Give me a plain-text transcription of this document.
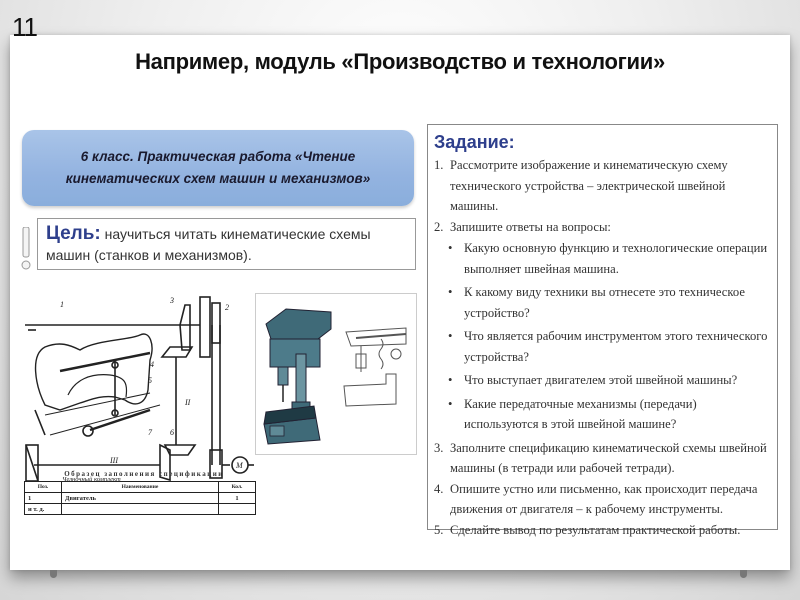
11
Например, модуль «Производство и технологии»
6 класс. Практическая работа «Чтение
кинематических схем машин и механизмов»
Цель: научиться читать кинематические схемы машин (станков и механизмов).
1	2
3
4
5
6
7
II
III
M
Челночный комплект
Образец заполнения спецификации
Поз.	Наименование	Кол.
1	Двигатель	1
и т. д.		
Задание:
1. Рассмотрите изображение и кинематическую схему технического устройства – электрической швейной машины.
2. Запишите ответы на вопросы:
• Какую основную функцию и технологические операции выполняет швейная машина.
• К какому виду техники вы отнесете это техническое устройство?
• Что является рабочим инструментом этого технического устройства?
• Что выступает двигателем этой швейной машины?
• Какие передаточные механизмы (передачи) используются в этой швейной машине?
3. Заполните спецификацию кинематической схемы швейной машины (в тетради или рабочей тетради).
4. Опишите устно или письменно, как происходит передача движения от двигателя – к рабочему инструменты.
5. Сделайте вывод по результатам практической работы.
